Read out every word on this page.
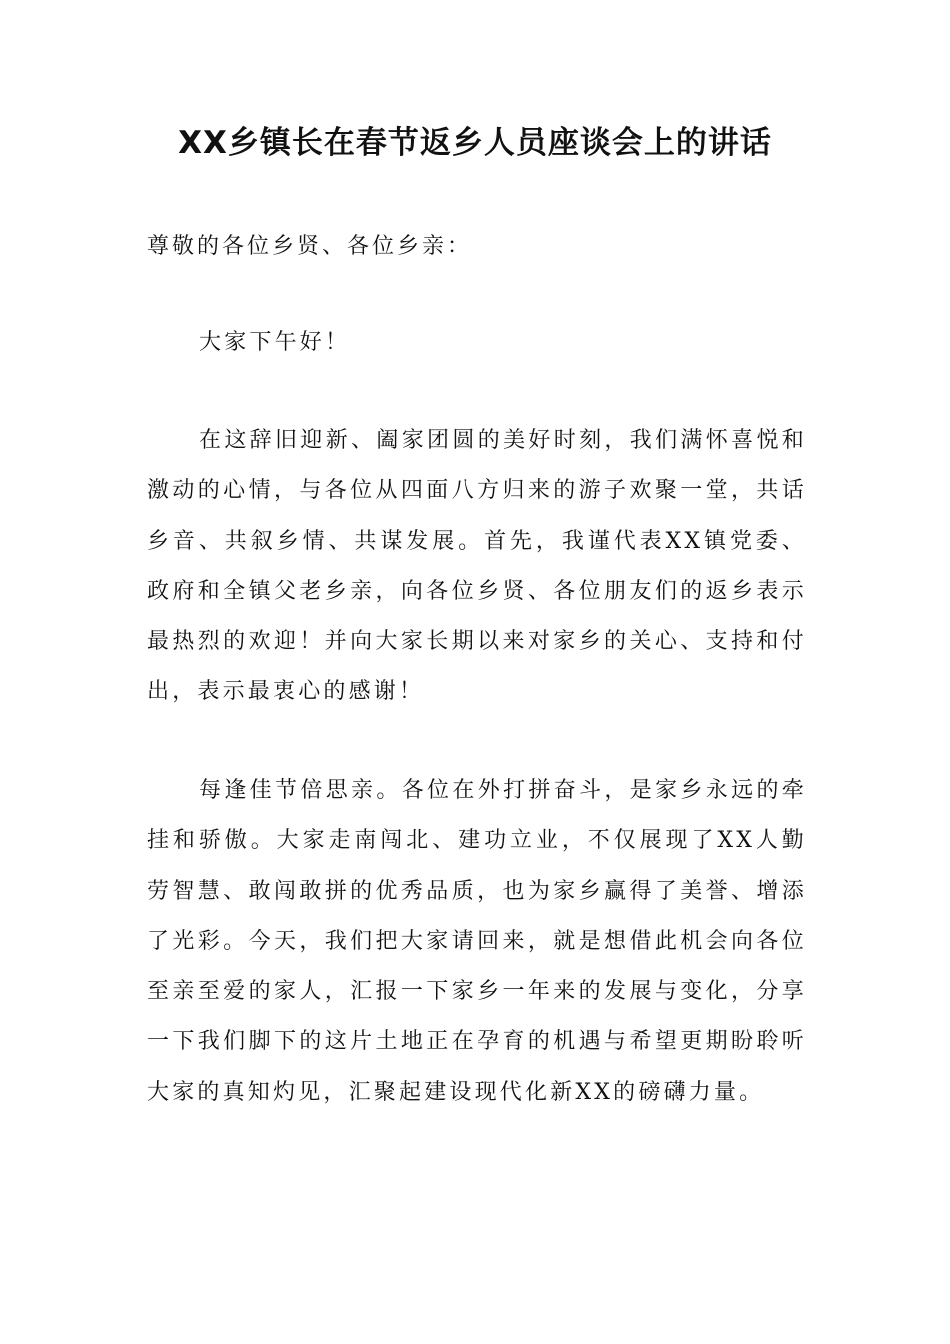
XX乡镇长在春节返乡人员座谈会上的讲话

尊敬的各位乡贤、各位乡亲：

大家下午好！

在这辞旧迎新、阖家团圆的美好时刻，我们满怀喜悦和激动的心情，与各位从四面八方归来的游子欢聚一堂，共话乡音、共叙乡情、共谋发展。首先，我谨代表XX镇党委、政府和全镇父老乡亲，向各位乡贤、各位朋友们的返乡表示最热烈的欢迎！并向大家长期以来对家乡的关心、支持和付出，表示最衷心的感谢！

每逢佳节倍思亲。各位在外打拼奋斗，是家乡永远的牵挂和骄傲。大家走南闯北、建功立业，不仅展现了XX人勤劳智慧、敢闯敢拼的优秀品质，也为家乡赢得了美誉、增添了光彩。今天，我们把大家请回来，就是想借此机会向各位至亲至爱的家人，汇报一下家乡一年来的发展与变化，分享一下我们脚下的这片土地正在孕育的机遇与希望更期盼聆听大家的真知灼见，汇聚起建设现代化新XX的磅礴力量。
